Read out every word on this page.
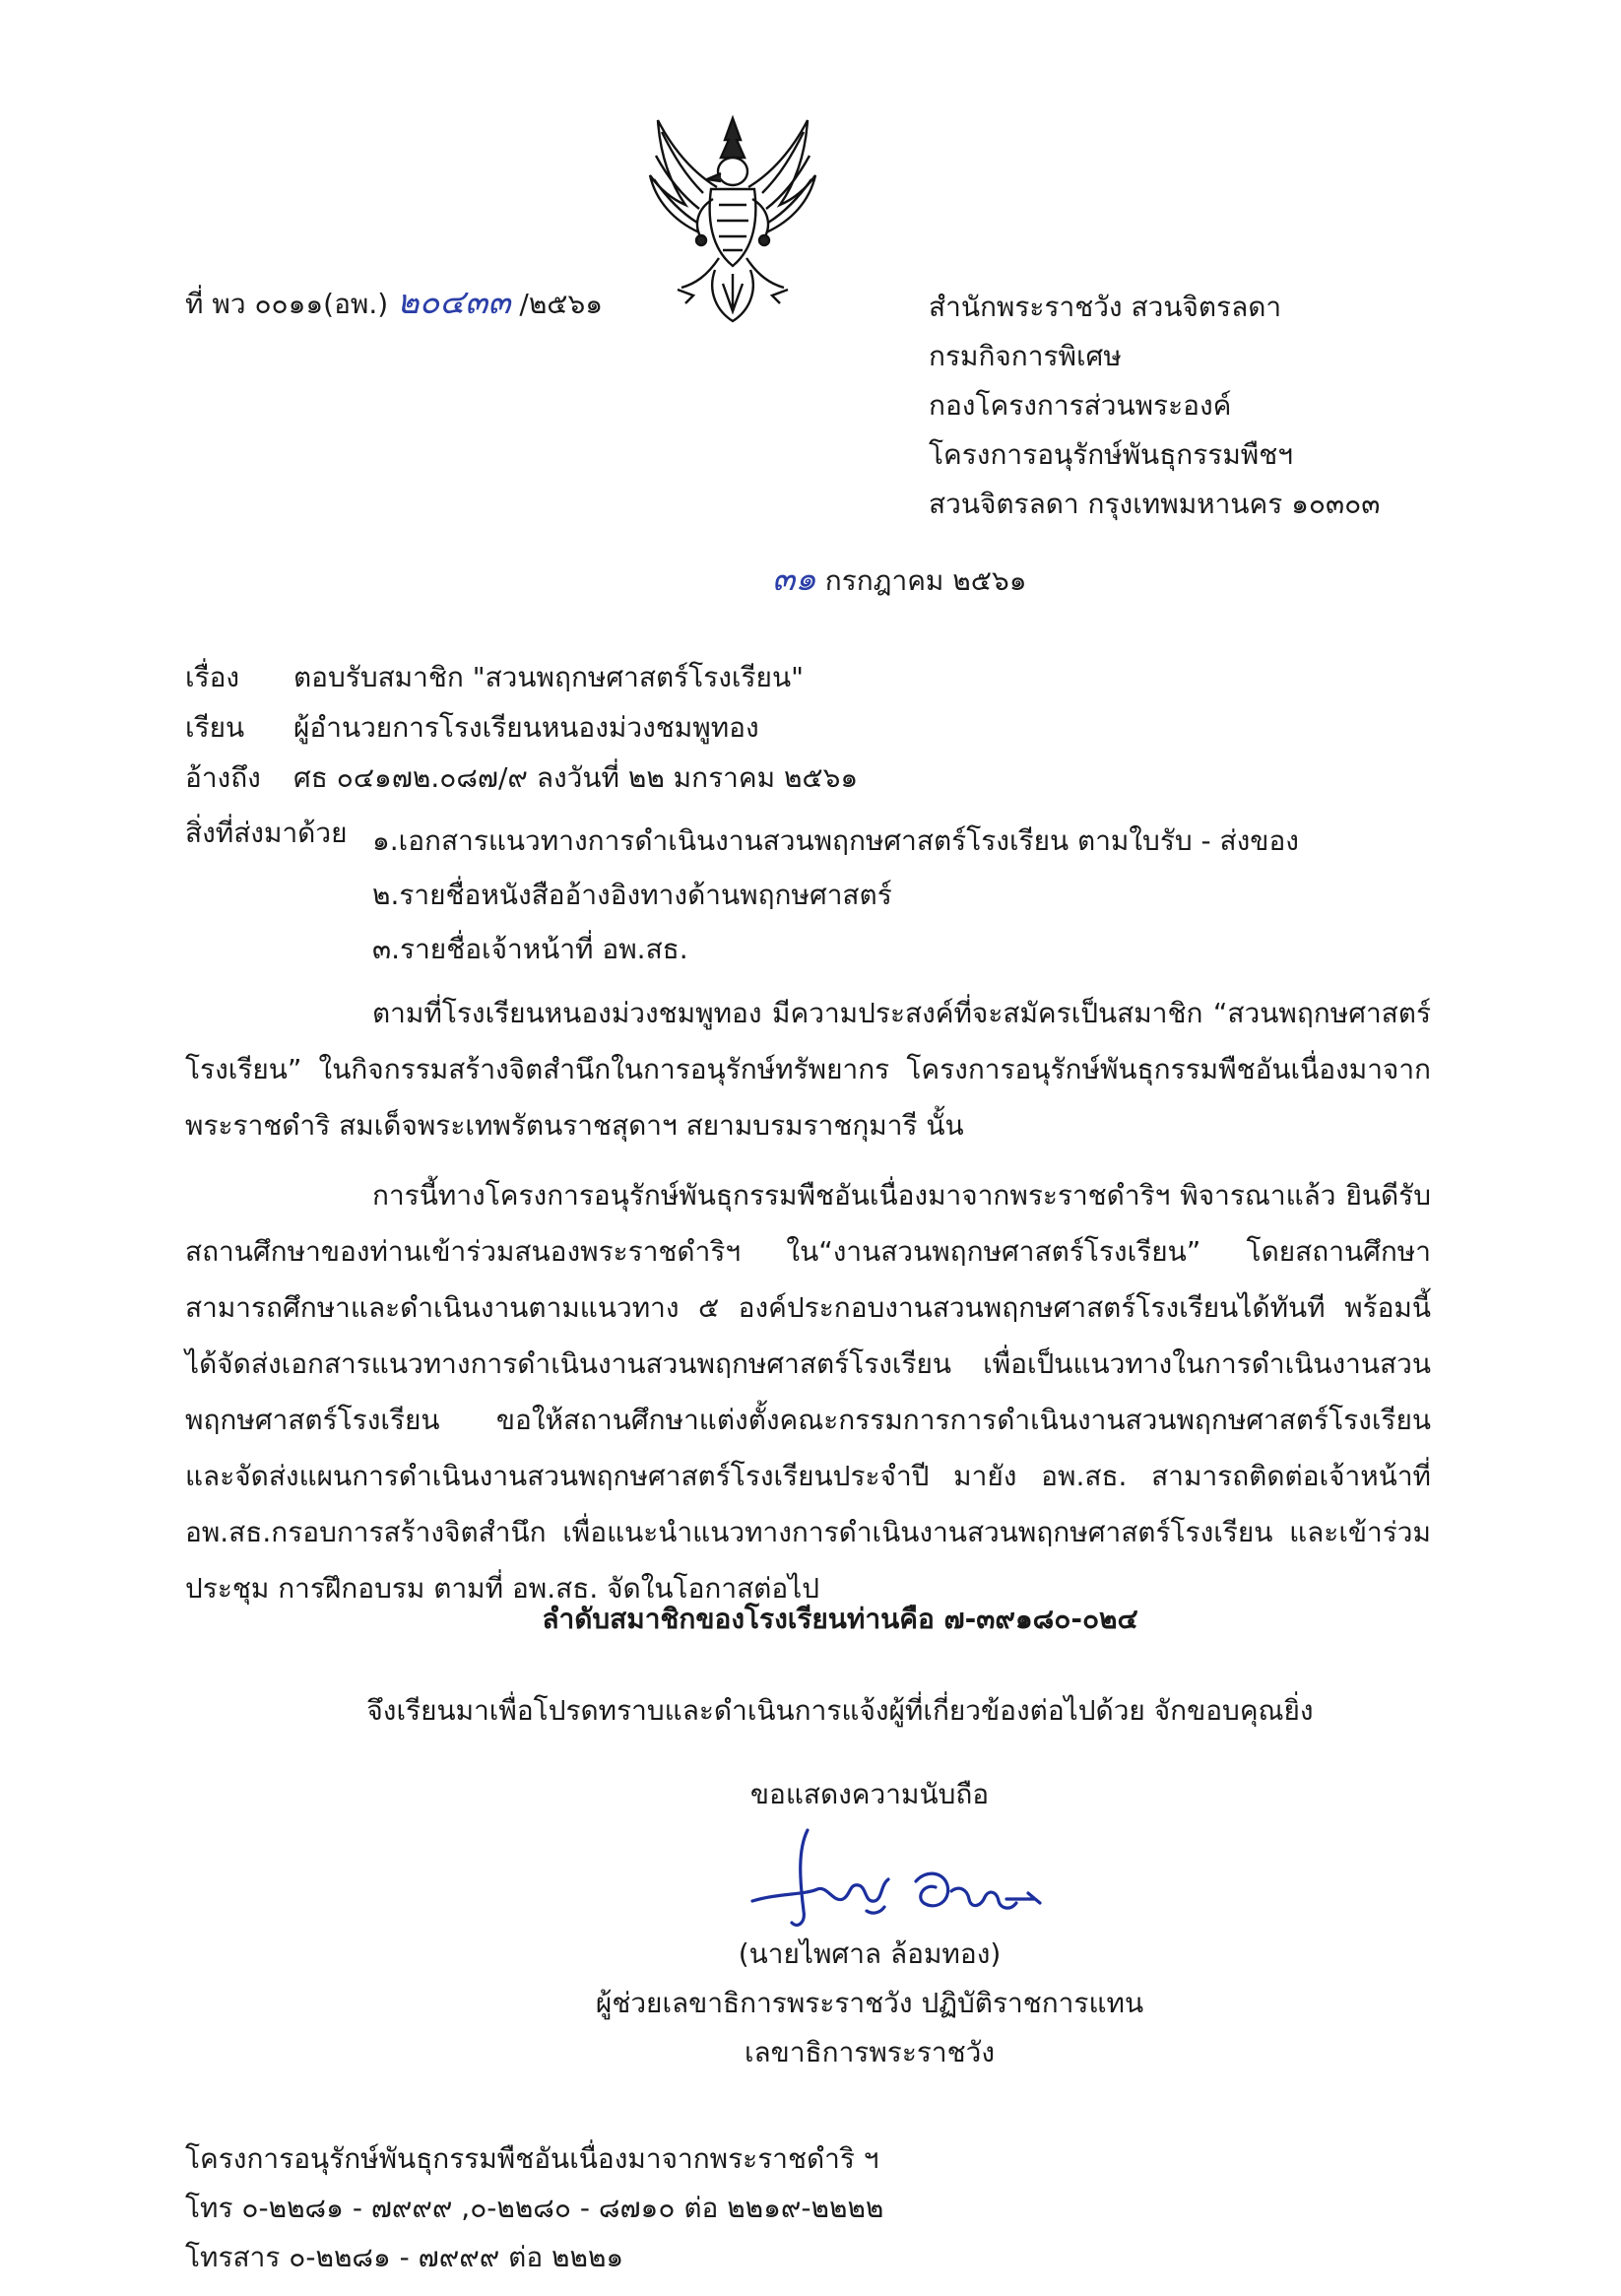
ที่ พว ๐๐๑๑(อพ.) ๒๐๔๓๓ /๒๕๖๑	สำนักพระราชวัง สวนจิตรลดา
กรมกิจการพิเศษ
กองโครงการส่วนพระองค์
โครงการอนุรักษ์พันธุกรรมพืชฯ
สวนจิตรลดา กรุงเทพมหานคร ๑๐๓๐๓
๓๑ กรกฎาคม ๒๕๖๑
เรื่อง ตอบรับสมาชิก "สวนพฤกษศาสตร์โรงเรียน"
เรียน ผู้อำนวยการโรงเรียนหนองม่วงชมพูทอง
อ้างถึง ศธ ๐๔๑๗๒.๐๘๗/๙ ลงวันที่ ๒๒ มกราคม ๒๕๖๑
สิ่งที่ส่งมาด้วย ๑.เอกสารแนวทางการดำเนินงานสวนพฤกษศาสตร์โรงเรียน ตามใบรับ - ส่งของ
๒.รายชื่อหนังสืออ้างอิงทางด้านพฤกษศาสตร์
๓.รายชื่อเจ้าหน้าที่ อพ.สธ.
ตามที่โรงเรียนหนองม่วงชมพูทอง มีความประสงค์ที่จะสมัครเป็นสมาชิก “สวนพฤกษศาสตร์โรงเรียน” ในกิจกรรมสร้างจิตสำนึกในการอนุรักษ์ทรัพยากร โครงการอนุรักษ์พันธุกรรมพืชอันเนื่องมาจากพระราชดำริ สมเด็จพระเทพรัตนราชสุดาฯ สยามบรมราชกุมารี นั้น
การนี้ทางโครงการอนุรักษ์พันธุกรรมพืชอันเนื่องมาจากพระราชดำริฯ พิจารณาแล้ว ยินดีรับสถานศึกษาของท่านเข้าร่วมสนองพระราชดำริฯ ใน“งานสวนพฤกษศาสตร์โรงเรียน” โดยสถานศึกษาสามารถศึกษาและดำเนินงานตามแนวทาง ๕ องค์ประกอบงานสวนพฤกษศาสตร์โรงเรียนได้ทันที พร้อมนี้ได้จัดส่งเอกสารแนวทางการดำเนินงานสวนพฤกษศาสตร์โรงเรียน เพื่อเป็นแนวทางในการดำเนินงานสวนพฤกษศาสตร์โรงเรียน ขอให้สถานศึกษาแต่งตั้งคณะกรรมการการดำเนินงานสวนพฤกษศาสตร์โรงเรียน และจัดส่งแผนการดำเนินงานสวนพฤกษศาสตร์โรงเรียนประจำปี มายัง อพ.สธ. สามารถติดต่อเจ้าหน้าที่ อพ.สธ.กรอบการสร้างจิตสำนึก เพื่อแนะนำแนวทางการดำเนินงานสวนพฤกษศาสตร์โรงเรียน และเข้าร่วมประชุม การฝึกอบรม ตามที่ อพ.สธ. จัดในโอกาสต่อไป
ลำดับสมาชิกของโรงเรียนท่านคือ ๗-๓๙๑๘๐-๐๒๔
จึงเรียนมาเพื่อโปรดทราบและดำเนินการแจ้งผู้ที่เกี่ยวข้องต่อไปด้วย จักขอบคุณยิ่ง
ขอแสดงความนับถือ
(นายไพศาล ล้อมทอง)
ผู้ช่วยเลขาธิการพระราชวัง ปฏิบัติราชการแทน
เลขาธิการพระราชวัง
โครงการอนุรักษ์พันธุกรรมพืชอันเนื่องมาจากพระราชดำริ ฯ
โทร ๐-๒๒๘๑ - ๗๙๙๙ ,๐-๒๒๘๐ - ๘๗๑๐ ต่อ ๒๒๑๙-๒๒๒๒
โทรสาร ๐-๒๒๘๑ - ๗๙๙๙ ต่อ ๒๒๒๑
